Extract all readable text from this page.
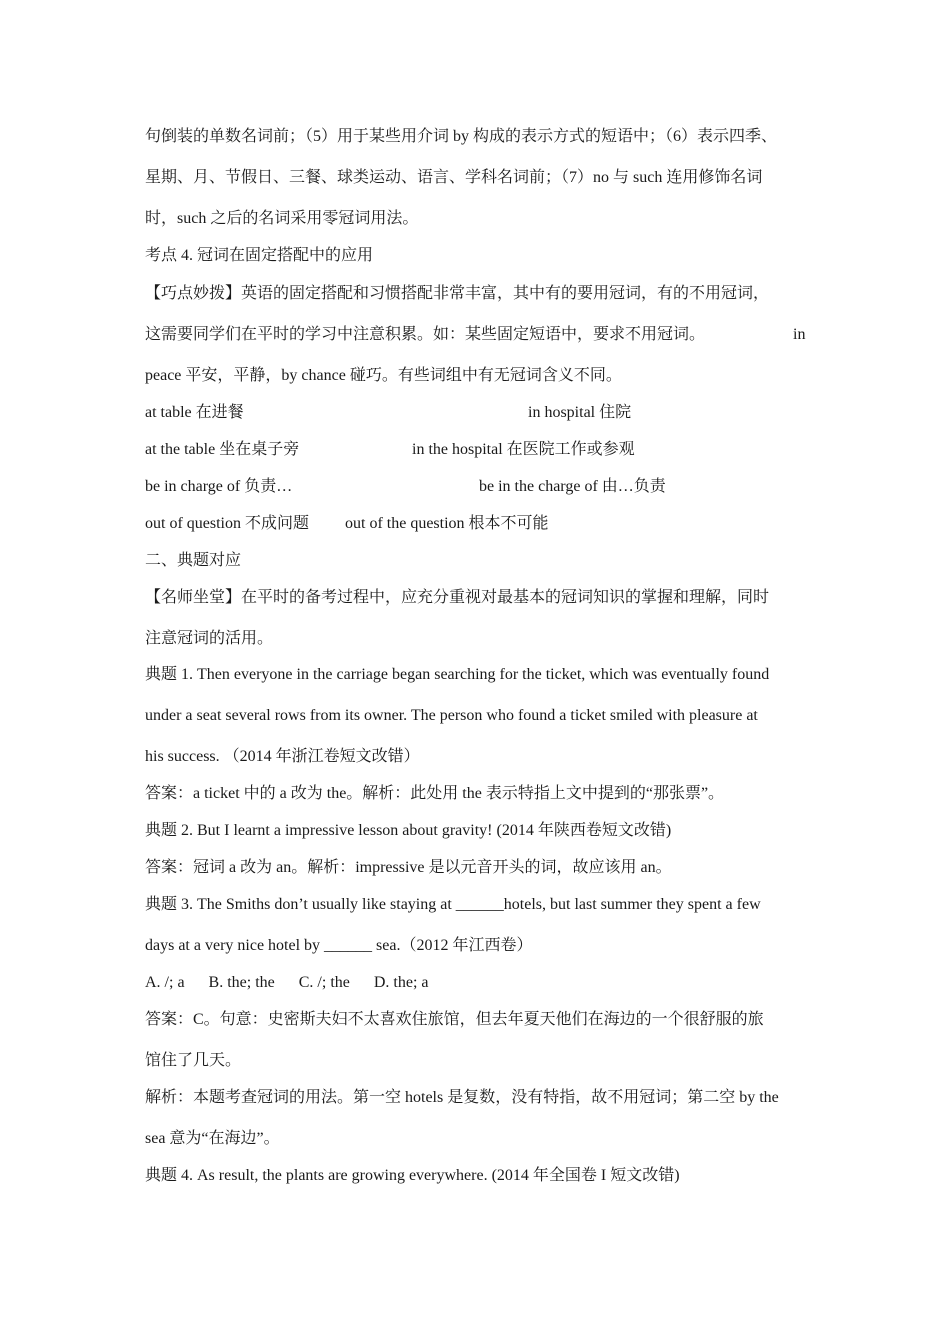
句倒装的单数名词前；（5）用于某些用介词 by 构成的表示方式的短语中；（6）表示四季、
星期、月、节假日、三餐、球类运动、语言、学科名词前；（7）no 与 such 连用修饰名词
时，such 之后的名词采用零冠词用法。
考点 4. 冠词在固定搭配中的应用
【巧点妙拨】英语的固定搭配和习惯搭配非常丰富，其中有的要用冠词，有的不用冠词，
这需要同学们在平时的学习中注意积累。如：某些固定短语中，要求不用冠词。	in
peace 平安，平静，by chance 碰巧。有些词组中有无冠词含义不同。
at table 在进餐	in hospital 住院
at the table 坐在桌子旁	in the hospital 在医院工作或参观
be in charge of 负责…	be in the charge of 由…负责
out of question 不成问题 out of the question 根本不可能
二、典题对应
【名师坐堂】在平时的备考过程中，应充分重视对最基本的冠词知识的掌握和理解，同时
注意冠词的活用。
典题 1. Then everyone in the carriage began searching for the ticket, which was eventually found
under a seat several rows from its owner. The person who found a ticket smiled with pleasure at
his success. （2014 年浙江卷短文改错）
答案：a ticket 中的 a 改为 the。解析：此处用 the 表示特指上文中提到的“那张票”。
典题 2. But I learnt a impressive lesson about gravity! (2014 年陕西卷短文改错)
答案：冠词 a 改为 an。解析：impressive 是以元音开头的词，故应该用 an。
典题 3. The Smiths don’t usually like staying at ______hotels, but last summer they spent a few
days at a very nice hotel by ______ sea.（2012 年江西卷）
A. /; a      B. the; the      C. /; the      D. the; a
答案：C。句意：史密斯夫妇不太喜欢住旅馆，但去年夏天他们在海边的一个很舒服的旅
馆住了几天。
解析：本题考查冠词的用法。第一空 hotels 是复数，没有特指，故不用冠词；第二空 by the
sea 意为“在海边”。
典题 4. As result, the plants are growing everywhere. (2014 年全国卷 I 短文改错)
